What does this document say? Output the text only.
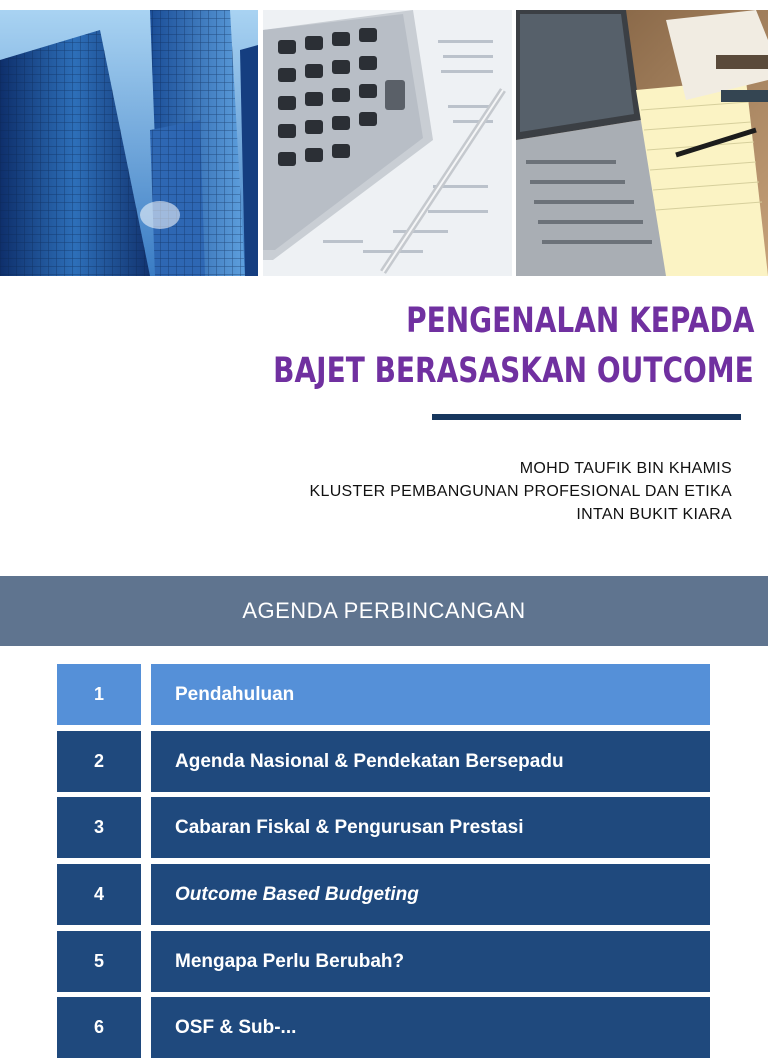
PENGENALAN KEPADA
BAJET BERASASKAN OUTCOME
MOHD TAUFIK BIN KHAMIS
KLUSTER PEMBANGUNAN PROFESIONAL DAN ETIKA
INTAN BUKIT KIARA
AGENDA PERBINCANGAN
1	Pendahuluan
2	Agenda Nasional & Pendekatan Bersepadu
3	Cabaran Fiskal & Pengurusan Prestasi
4	Outcome Based Budgeting
5	Mengapa Perlu Berubah?
6	OSF & Sub-...
